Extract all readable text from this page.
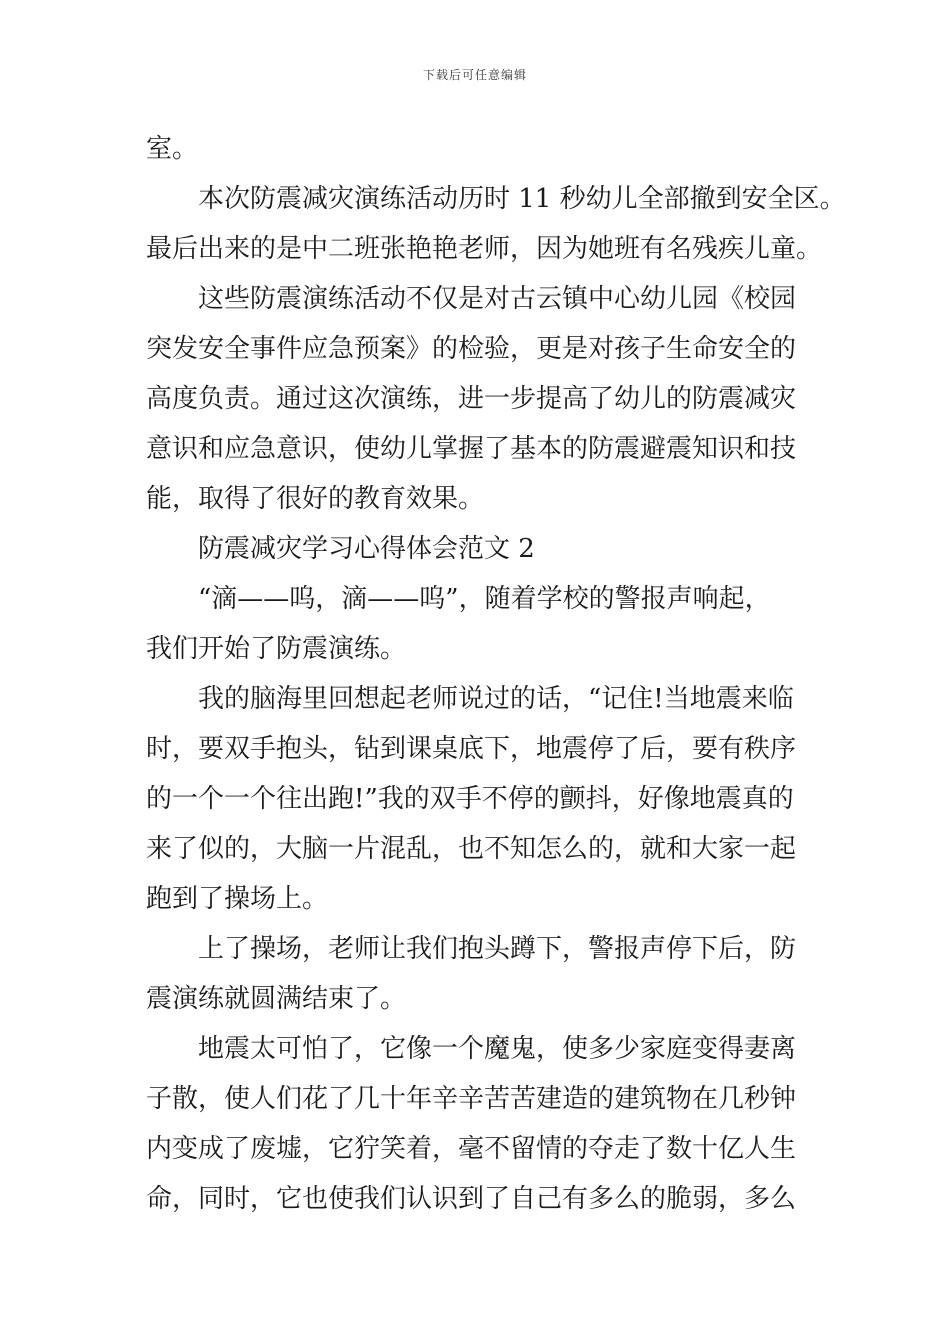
下载后可任意编辑
室。
本次防震减灾演练活动历时 11 秒幼儿全部撤到安全区。
最后出来的是中二班张艳艳老师，因为她班有名残疾儿童。
这些防震演练活动不仅是对古云镇中心幼儿园《校园
突发安全事件应急预案》的检验，更是对孩子生命安全的
高度负责。通过这次演练，进一步提高了幼儿的防震减灾
意识和应急意识，使幼儿掌握了基本的防震避震知识和技
能，取得了很好的教育效果。
防震减灾学习心得体会范文 2
“滴——呜，滴——呜”，随着学校的警报声响起，
我们开始了防震演练。
我的脑海里回想起老师说过的话，“记住!当地震来临
时，要双手抱头，钻到课桌底下，地震停了后，要有秩序
的一个一个往出跑!”我的双手不停的颤抖，好像地震真的
来了似的，大脑一片混乱，也不知怎么的，就和大家一起
跑到了操场上。
上了操场，老师让我们抱头蹲下，警报声停下后，防
震演练就圆满结束了。
地震太可怕了，它像一个魔鬼，使多少家庭变得妻离
子散，使人们花了几十年辛辛苦苦建造的建筑物在几秒钟
内变成了废墟，它狞笑着，毫不留情的夺走了数十亿人生
命，同时，它也使我们认识到了自己有多么的脆弱，多么
